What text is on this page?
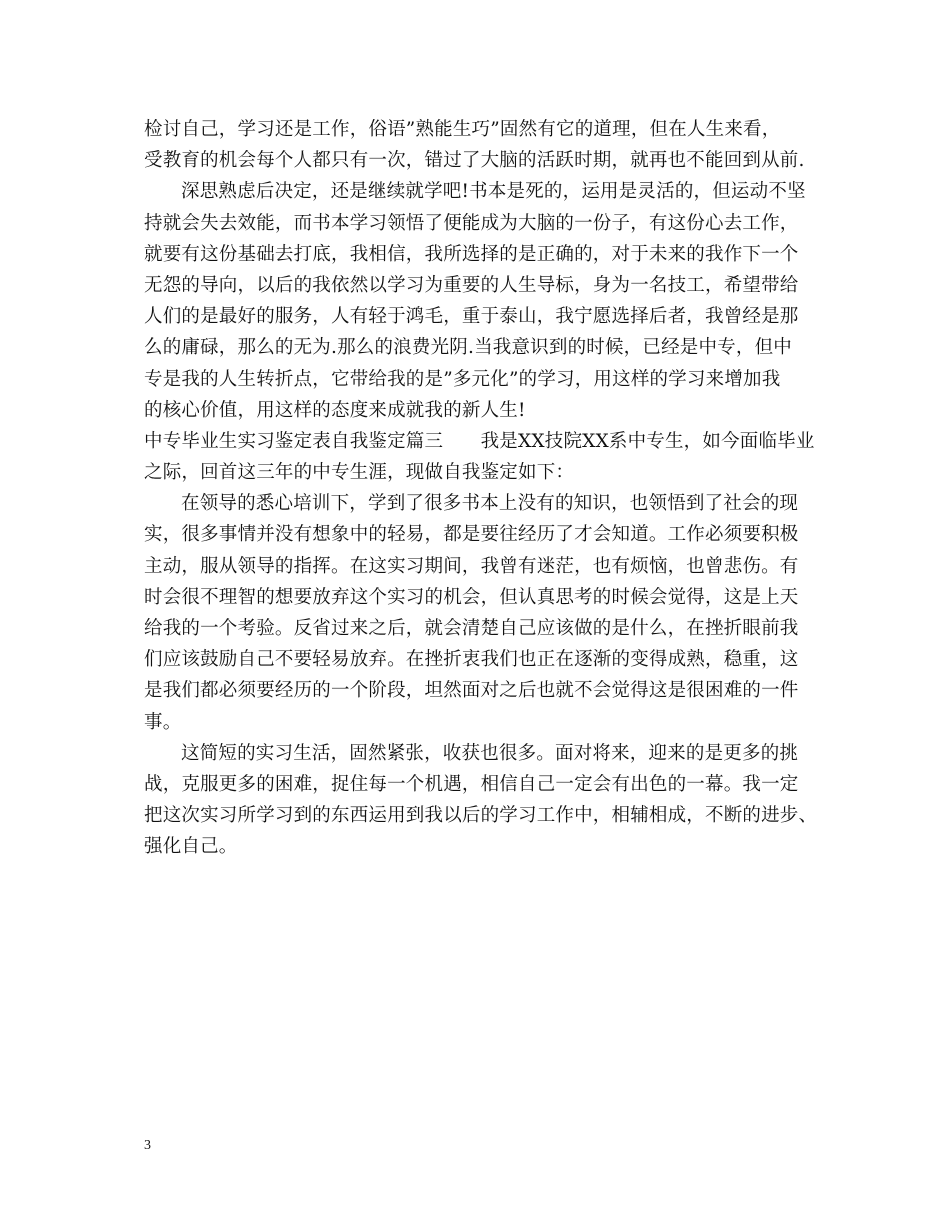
检讨自己，学习还是工作，俗语”熟能生巧”固然有它的道理，但在人生来看，
受教育的机会每个人都只有一次，错过了大脑的活跃时期，就再也不能回到从前.
深思熟虑后决定，还是继续就学吧!书本是死的，运用是灵活的，但运动不坚
持就会失去效能，而书本学习领悟了便能成为大脑的一份子，有这份心去工作，
就要有这份基础去打底，我相信，我所选择的是正确的，对于未来的我作下一个
无怨的导向，以后的我依然以学习为重要的人生导标，身为一名技工，希望带给
人们的是最好的服务，人有轻于鸿毛，重于泰山，我宁愿选择后者，我曾经是那
么的庸碌，那么的无为.那么的浪费光阴.当我意识到的时候，已经是中专，但中
专是我的人生转折点，它带给我的是”多元化”的学习，用这样的学习来增加我
的核心价值，用这样的态度来成就我的新人生!
中专毕业生实习鉴定表自我鉴定篇三　　我是XX技院XX系中专生，如今面临毕业
之际，回首这三年的中专生涯，现做自我鉴定如下：
在领导的悉心培训下，学到了很多书本上没有的知识，也领悟到了社会的现
实，很多事情并没有想象中的轻易，都是要往经历了才会知道。工作必须要积极
主动，服从领导的指挥。在这实习期间，我曾有迷茫，也有烦恼，也曾悲伤。有
时会很不理智的想要放弃这个实习的机会，但认真思考的时候会觉得，这是上天
给我的一个考验。反省过来之后，就会清楚自己应该做的是什么，在挫折眼前我
们应该鼓励自己不要轻易放弃。在挫折衷我们也正在逐渐的变得成熟，稳重，这
是我们都必须要经历的一个阶段，坦然面对之后也就不会觉得这是很困难的一件
事。
这简短的实习生活，固然紧张，收获也很多。面对将来，迎来的是更多的挑
战，克服更多的困难，捉住每一个机遇，相信自己一定会有出色的一幕。我一定
把这次实习所学习到的东西运用到我以后的学习工作中，相辅相成，不断的进步、
强化自己。
3
